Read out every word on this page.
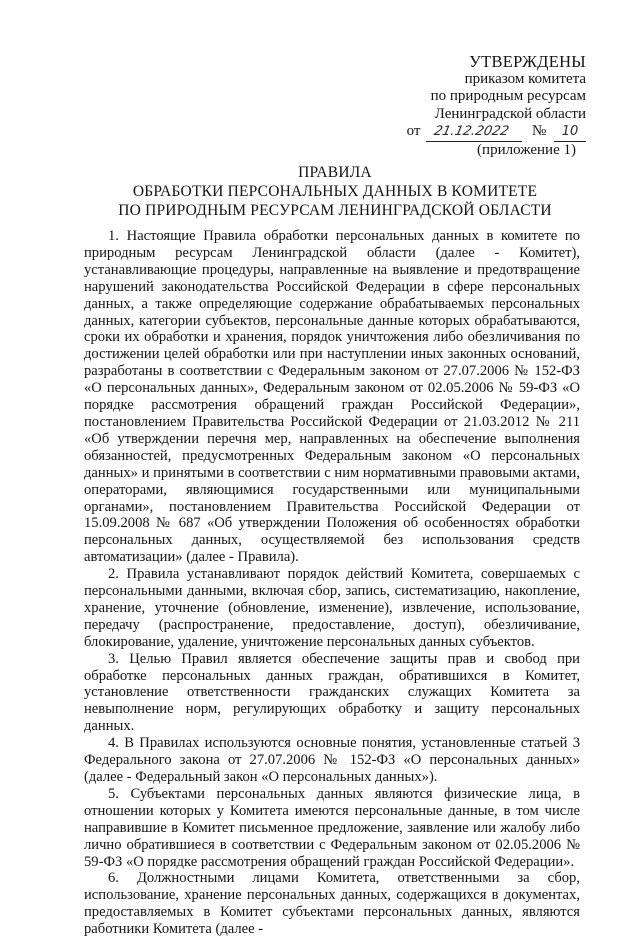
УТВЕРЖДЕНЫ
приказом комитета
по природным ресурсам
Ленинградской области
от 21.12.2022 № 10
(приложение 1)
ПРАВИЛА
ОБРАБОТКИ ПЕРСОНАЛЬНЫХ ДАННЫХ В КОМИТЕТЕ
ПО ПРИРОДНЫМ РЕСУРСАМ ЛЕНИНГРАДСКОЙ ОБЛАСТИ

1. Настоящие Правила обработки персональных данных в комитете по природным ресурсам Ленинградской области (далее - Комитет), устанавливающие процедуры, направленные на выявление и предотвращение нарушений законодательства Российской Федерации в сфере персональных данных, а также определяющие содержание обрабатываемых персональных данных, категории субъектов, персональные данные которых обрабатываются, сроки их обработки и хранения, порядок уничтожения либо обезличивания по достижении целей обработки или при наступлении иных законных оснований, разработаны в соответствии с Федеральным законом от 27.07.2006 № 152-ФЗ «О персональных данных», Федеральным законом от 02.05.2006 № 59-ФЗ «О порядке рассмотрения обращений граждан Российской Федерации», постановлением Правительства Российской Федерации от 21.03.2012 № 211 «Об утверждении перечня мер, направленных на обеспечение выполнения обязанностей, предусмотренных Федеральным законом «О персональных данных» и принятыми в соответствии с ним нормативными правовыми актами, операторами, являющимися государственными или муниципальными органами», постановлением Правительства Российской Федерации от 15.09.2008 № 687 «Об утверждении Положения об особенностях обработки персональных данных, осуществляемой без использования средств автоматизации» (далее - Правила).

2. Правила устанавливают порядок действий Комитета, совершаемых с персональными данными, включая сбор, запись, систематизацию, накопление, хранение, уточнение (обновление, изменение), извлечение, использование, передачу (распространение, предоставление, доступ), обезличивание, блокирование, удаление, уничтожение персональных данных субъектов.

3. Целью Правил является обеспечение защиты прав и свобод при обработке персональных данных граждан, обратившихся в Комитет, установление ответственности гражданских служащих Комитета за невыполнение норм, регулирующих обработку и защиту персональных данных.

4. В Правилах используются основные понятия, установленные статьей 3 Федерального закона от 27.07.2006 № 152-ФЗ «О персональных данных» (далее - Федеральный закон «О персональных данных»).

5. Субъектами персональных данных являются физические лица, в отношении которых у Комитета имеются персональные данные, в том числе направившие в Комитет письменное предложение, заявление или жалобу либо лично обратившиеся в соответствии с Федеральным законом от 02.05.2006 № 59-ФЗ «О порядке рассмотрения обращений граждан Российской Федерации».

6. Должностными лицами Комитета, ответственными за сбор, использование, хранение персональных данных, содержащихся в документах, предоставляемых в Комитет субъектами персональных данных, являются работники Комитета (далее -
